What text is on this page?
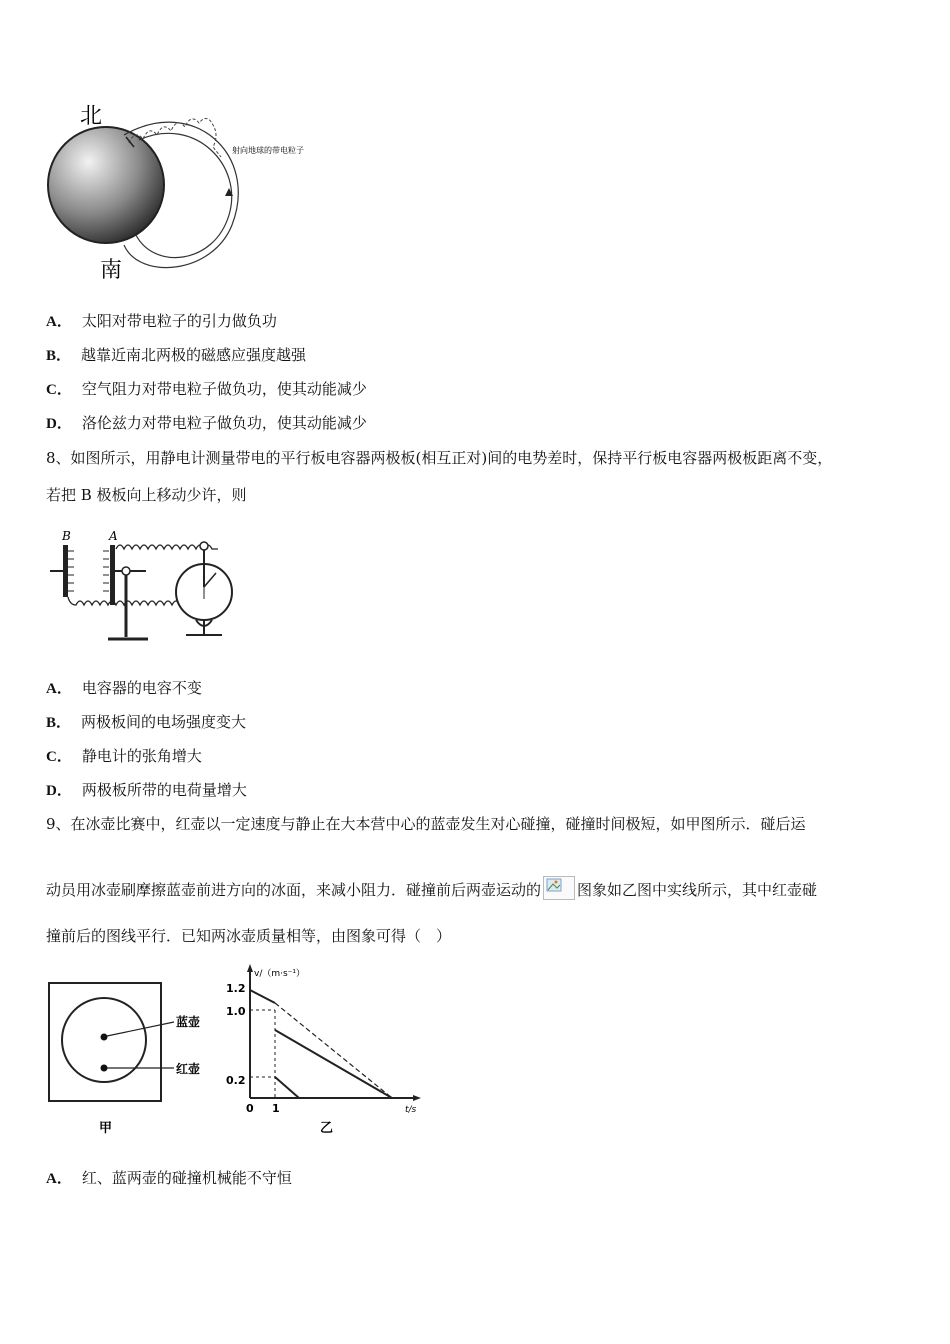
北
南
射向地球的带电粒子
A． 太阳对带电粒子的引力做负功
B． 越靠近南北两极的磁感应强度越强
C． 空气阻力对带电粒子做负功，使其动能减少
D． 洛伦兹力对带电粒子做负功，使其动能减少
8、如图所示，用静电计测量带电的平行板电容器两极板(相互正对)间的电势差时，保持平行板电容器两极板距离不变，
若把 B 极板向上移动少许，则
B	A
A． 电容器的电容不变
B． 两极板间的电场强度变大
C． 静电计的张角增大
D． 两极板所带的电荷量增大
9、在冰壶比赛中，红壶以一定速度与静止在大本营中心的蓝壶发生对心碰撞，碰撞时间极短，如甲图所示．碰后运
动员用冰壶刷摩擦蓝壶前进方向的冰面，来减小阻力．碰撞前后两壶运动的 图象如乙图中实线所示，其中红壶碰
撞前后的图线平行．已知两冰壶质量相等，由图象可得（　）
蓝壶
红壶
甲
v/（m·s⁻¹）
t/s
1.2
1.0
0.2
0 1
乙
A． 红、蓝两壶的碰撞机械能不守恒
